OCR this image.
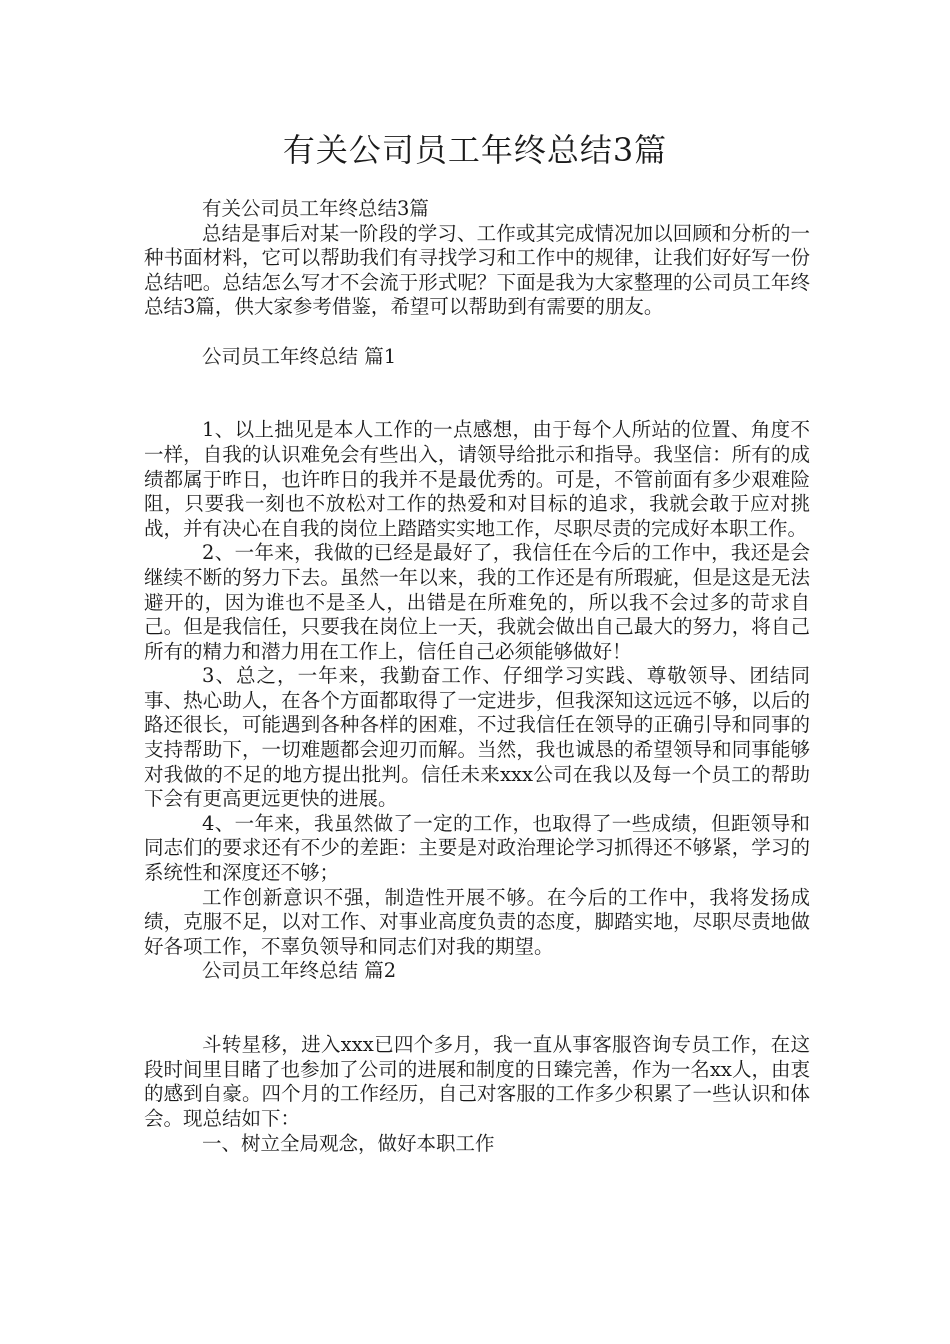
有关公司员工年终总结3篇

有关公司员工年终总结3篇

总结是事后对某一阶段的学习、工作或其完成情况加以回顾和分析的一种书面材料，它可以帮助我们有寻找学习和工作中的规律，让我们好好写一份总结吧。总结怎么写才不会流于形式呢？下面是我为大家整理的公司员工年终总结3篇，供大家参考借鉴，希望可以帮助到有需要的朋友。

公司员工年终总结 篇1

1、以上拙见是本人工作的一点感想，由于每个人所站的位置、角度不一样，自我的认识难免会有些出入，请领导给批示和指导。我坚信：所有的成绩都属于昨日，也许昨日的我并不是最优秀的。可是，不管前面有多少艰难险阻，只要我一刻也不放松对工作的热爱和对目标的追求，我就会敢于应对挑战，并有决心在自我的岗位上踏踏实实地工作，尽职尽责的完成好本职工作。

2、一年来，我做的已经是最好了，我信任在今后的工作中，我还是会继续不断的努力下去。虽然一年以来，我的工作还是有所瑕疵，但是这是无法避开的，因为谁也不是圣人，出错是在所难免的，所以我不会过多的苛求自己。但是我信任，只要我在岗位上一天，我就会做出自己最大的努力，将自己所有的精力和潜力用在工作上，信任自己必须能够做好！

3、总之，一年来，我勤奋工作、仔细学习实践、尊敬领导、团结同事、热心助人，在各个方面都取得了一定进步，但我深知这远远不够，以后的路还很长，可能遇到各种各样的困难，不过我信任在领导的正确引导和同事的支持帮助下，一切难题都会迎刃而解。当然，我也诚恳的希望领导和同事能够对我做的不足的地方提出批判。信任未来xxx公司在我以及每一个员工的帮助下会有更高更远更快的进展。

4、一年来，我虽然做了一定的工作，也取得了一些成绩，但距领导和同志们的要求还有不少的差距：主要是对政治理论学习抓得还不够紧，学习的系统性和深度还不够；

工作创新意识不强，制造性开展不够。在今后的工作中，我将发扬成绩，克服不足，以对工作、对事业高度负责的态度，脚踏实地，尽职尽责地做好各项工作，不辜负领导和同志们对我的期望。

公司员工年终总结 篇2

斗转星移，进入xxx已四个多月，我一直从事客服咨询专员工作，在这段时间里目睹了也参加了公司的进展和制度的日臻完善，作为一名xx人，由衷的感到自豪。四个月的工作经历，自己对客服的工作多少积累了一些认识和体会。现总结如下：

一、树立全局观念，做好本职工作
